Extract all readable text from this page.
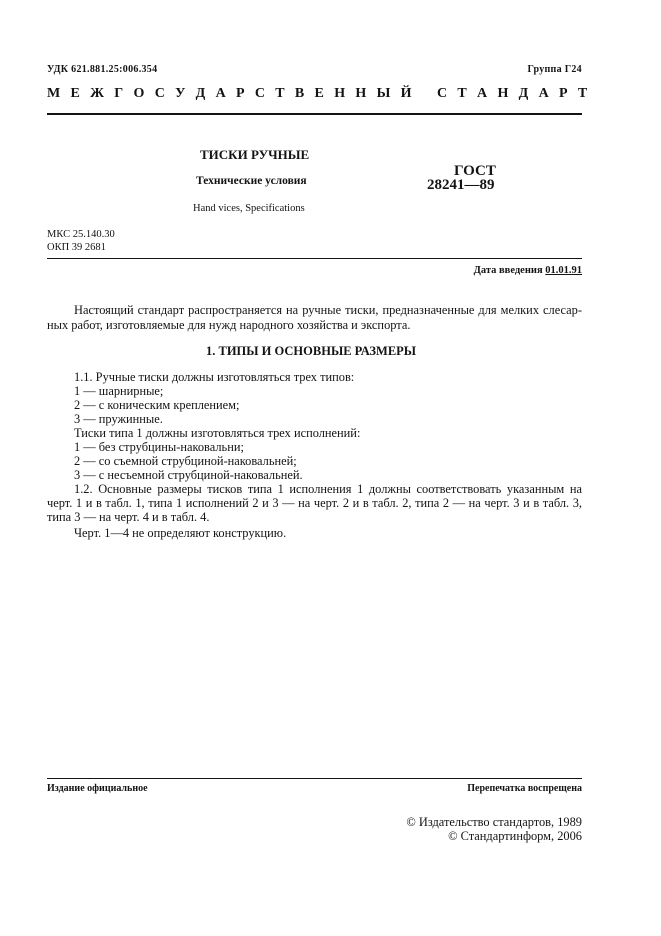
УДК 621.881.25:006.354	Группа Г24
М Е Ж Г О С У Д А Р С Т В Е Н Н Ы Й С Т А Н Д А Р Т
ТИСКИ РУЧНЫЕ
Технические условия
Hand vices, Specifications
ГОСТ
28241—89
МКС 25.140.30
ОКП 39 2681
Дата введения 01.01.91
Настоящий стандарт распространяется на ручные тиски, предназначенные для мелких слесар-
ных работ, изготовляемые для нужд народного хозяйства и экспорта.
1. ТИПЫ И ОСНОВНЫЕ РАЗМЕРЫ
1.1. Ручные тиски должны изготовляться трех типов:
1 — шарнирные;
2 — с коническим креплением;
3 — пружинные.
Тиски типа 1 должны изготовляться трех исполнений:
1 — без струбцины-наковальни;
2 — со съемной струбциной-наковальней;
3 — с несъемной струбциной-наковальней.
1.2. Основные размеры тисков типа 1 исполнения 1 должны соответствовать указанным на
черт. 1 и в табл. 1, типа 1 исполнений 2 и 3 — на черт. 2 и в табл. 2, типа 2 — на черт. 3 и в табл. 3,
типа 3 — на черт. 4 и в табл. 4.
Черт. 1—4 не определяют конструкцию.
Издание официальное	Перепечатка воспрещена
© Издательство стандартов, 1989
© Стандартинформ, 2006
